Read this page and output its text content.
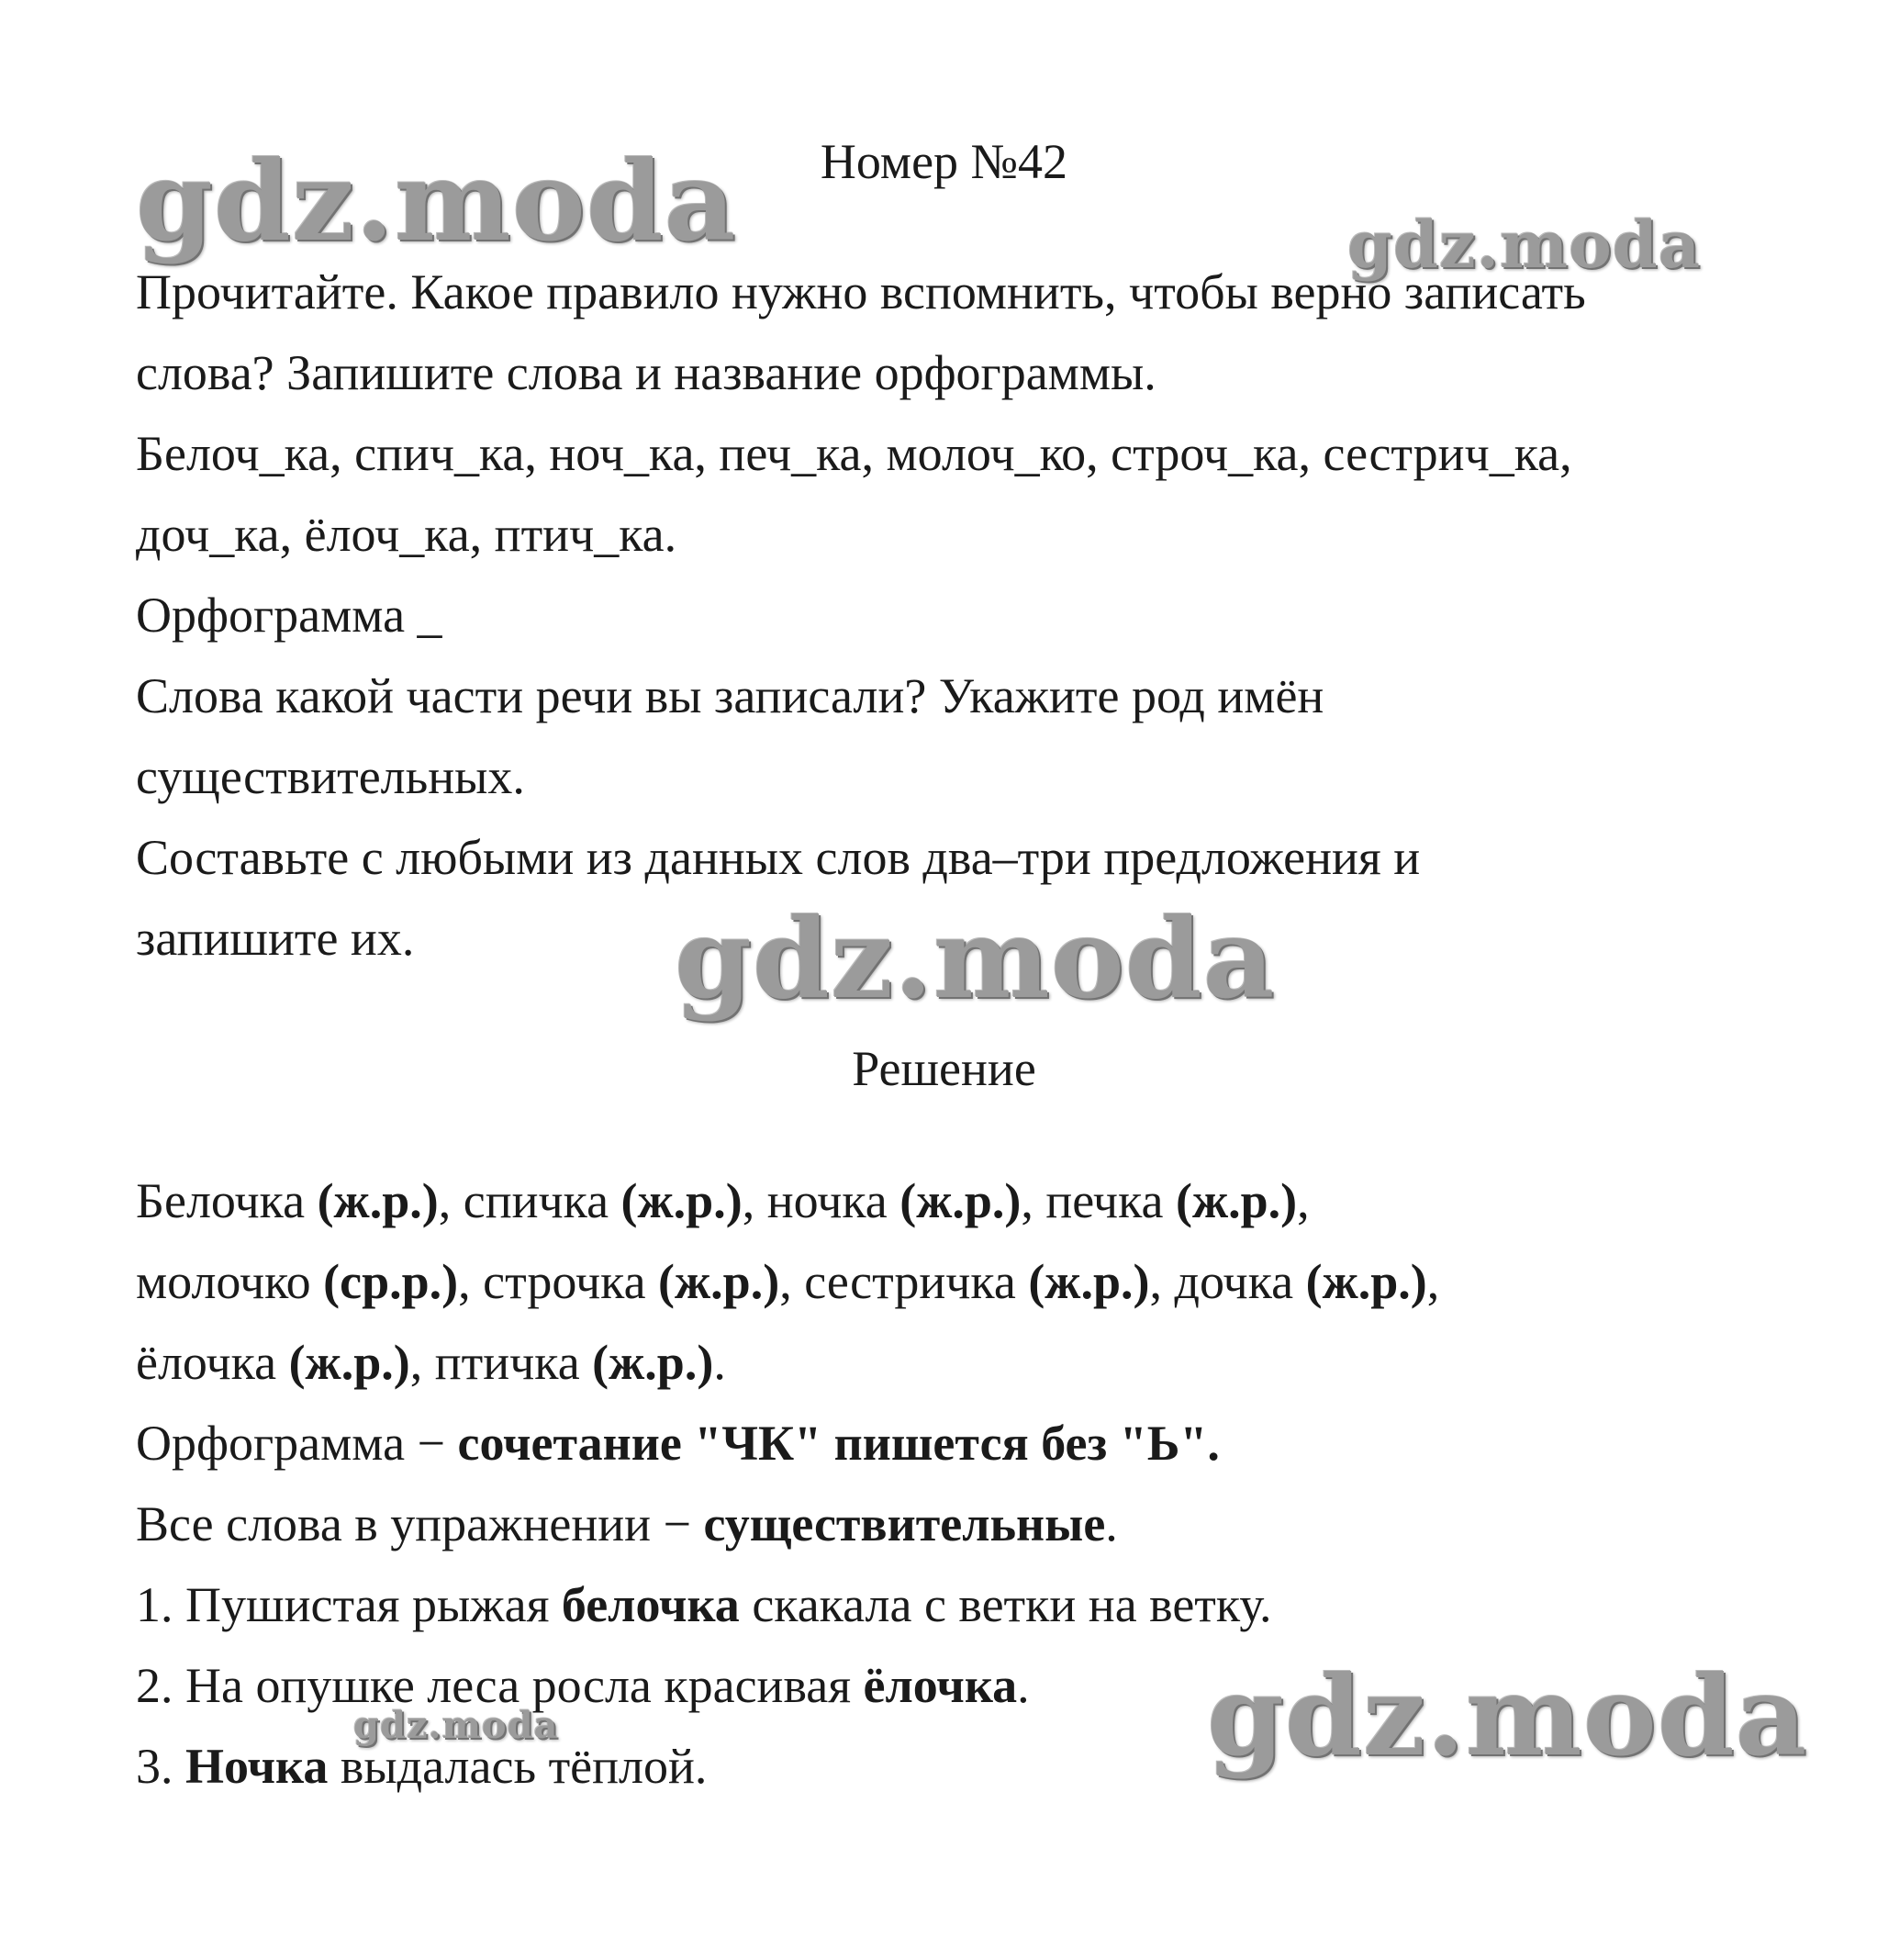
gdz.moda	gdz.moda
gdz.moda
gdz.moda
gdz.moda
Номер №42
Прочитайте. Какое правило нужно вспомнить, чтобы верно записать
слова? Запишите слова и название орфограммы.
Белоч_ка, спич_ка, ноч_ка, печ_ка, молоч_ко, строч_ка, сестрич_ка,
доч_ка, ёлоч_ка, птич_ка.
Орфограмма _
Слова какой части речи вы записали? Укажите род имён
существительных.
Составьте с любыми из данных слов два–три предложения и
запишите их.
Решение
Белочка (ж.р.), спичка (ж.р.), ночка (ж.р.), печка (ж.р.),
молочко (ср.р.), строчка (ж.р.), сестричка (ж.р.), дочка (ж.р.),
ёлочка (ж.р.), птичка (ж.р.).
Орфограмма − сочетание "ЧК" пишется без "Ь".
Все слова в упражнении − существительные.
1. Пушистая рыжая белочка скакала с ветки на ветку.
2. На опушке леса росла красивая ёлочка.
3. Ночка выдалась тёплой.
